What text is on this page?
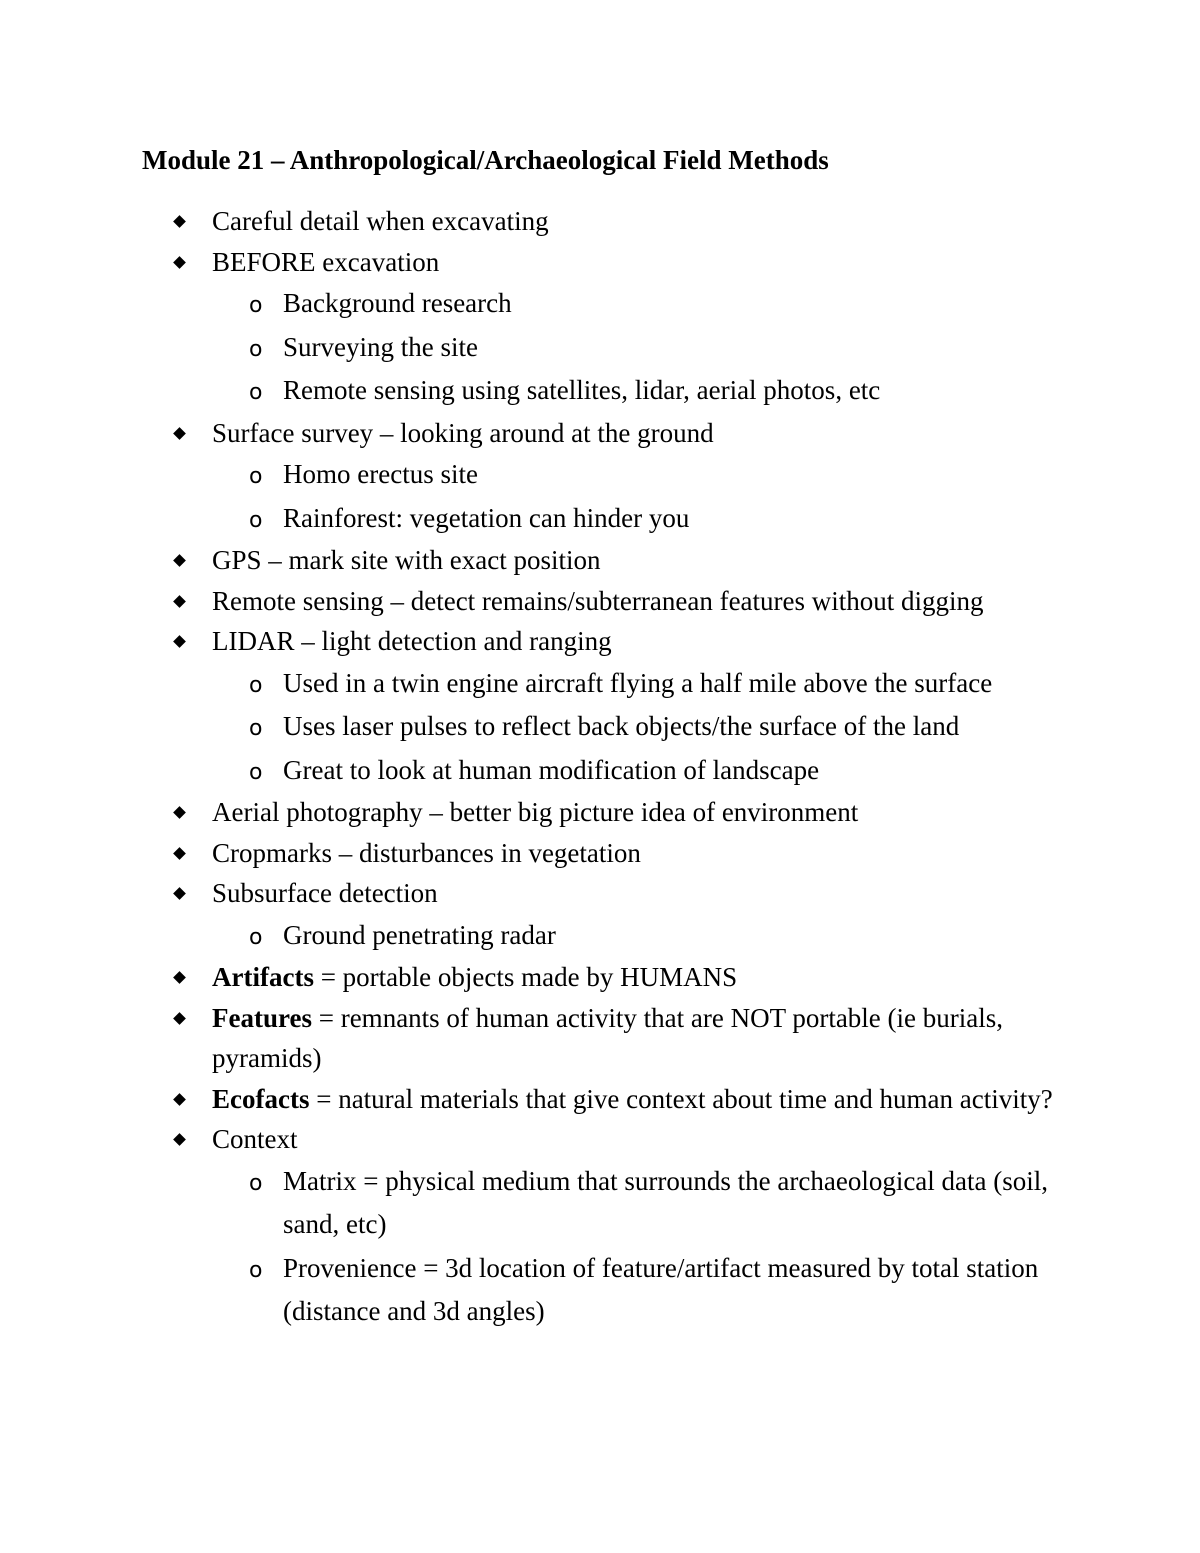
Module 21 – Anthropological/Archaeological Field Methods
Careful detail when excavating
BEFORE excavation
o Background research
o Surveying the site
o Remote sensing using satellites, lidar, aerial photos, etc
Surface survey – looking around at the ground
o Homo erectus site
o Rainforest: vegetation can hinder you
GPS – mark site with exact position
Remote sensing – detect remains/subterranean features without digging
LIDAR – light detection and ranging
o Used in a twin engine aircraft flying a half mile above the surface
o Uses laser pulses to reflect back objects/the surface of the land
o Great to look at human modification of landscape
Aerial photography – better big picture idea of environment
Cropmarks – disturbances in vegetation
Subsurface detection
o Ground penetrating radar
Artifacts = portable objects made by HUMANS
Features = remnants of human activity that are NOT portable (ie burials, pyramids)
Ecofacts = natural materials that give context about time and human activity?
Context
o Matrix = physical medium that surrounds the archaeological data (soil, sand, etc)
o Provenience = 3d location of feature/artifact measured by total station (distance and 3d angles)
